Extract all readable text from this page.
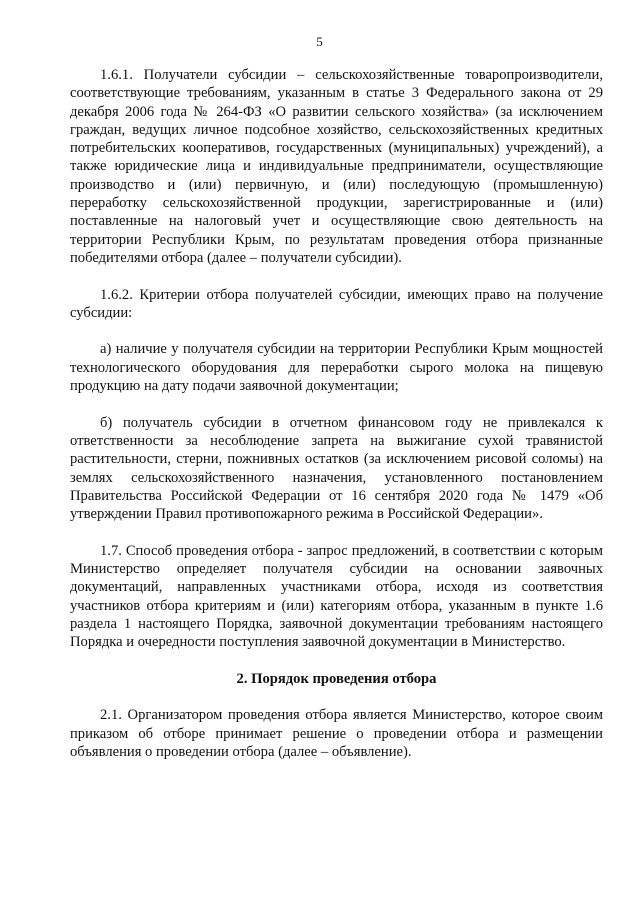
5

1.6.1. Получатели субсидии – сельскохозяйственные товаропроизводители, соответствующие требованиям, указанным в статье 3 Федерального закона от 29 декабря 2006 года № 264-ФЗ «О развитии сельского хозяйства» (за исключением граждан, ведущих личное подсобное хозяйство, сельскохозяйственных кредитных потребительских кооперативов, государственных (муниципальных) учреждений), а также юридические лица и индивидуальные предприниматели, осуществляющие производство и (или) первичную, и (или) последующую (промышленную) переработку сельскохозяйственной продукции, зарегистрированные и (или) поставленные на налоговый учет и осуществляющие свою деятельность на территории Республики Крым, по результатам проведения отбора признанные победителями отбора (далее – получатели субсидии).

1.6.2. Критерии отбора получателей субсидии, имеющих право на получение субсидии:

а) наличие у получателя субсидии на территории Республики Крым мощностей технологического оборудования для переработки сырого молока на пищевую продукцию на дату подачи заявочной документации;

б) получатель субсидии в отчетном финансовом году не привлекался к ответственности за несоблюдение запрета на выжигание сухой травянистой растительности, стерни, пожнивных остатков (за исключением рисовой соломы) на землях сельскохозяйственного назначения, установленного постановлением Правительства Российской Федерации от 16 сентября 2020 года № 1479 «Об утверждении Правил противопожарного режима в Российской Федерации».

1.7. Способ проведения отбора - запрос предложений, в соответствии с которым Министерство определяет получателя субсидии на основании заявочных документаций, направленных участниками отбора, исходя из соответствия участников отбора критериям и (или) категориям отбора, указанным в пункте 1.6 раздела 1 настоящего Порядка, заявочной документации требованиям настоящего Порядка и очередности поступления заявочной документации в Министерство.

2. Порядок проведения отбора

2.1. Организатором проведения отбора является Министерство, которое своим приказом об отборе принимает решение о проведении отбора и размещении объявления о проведении отбора (далее – объявление).
